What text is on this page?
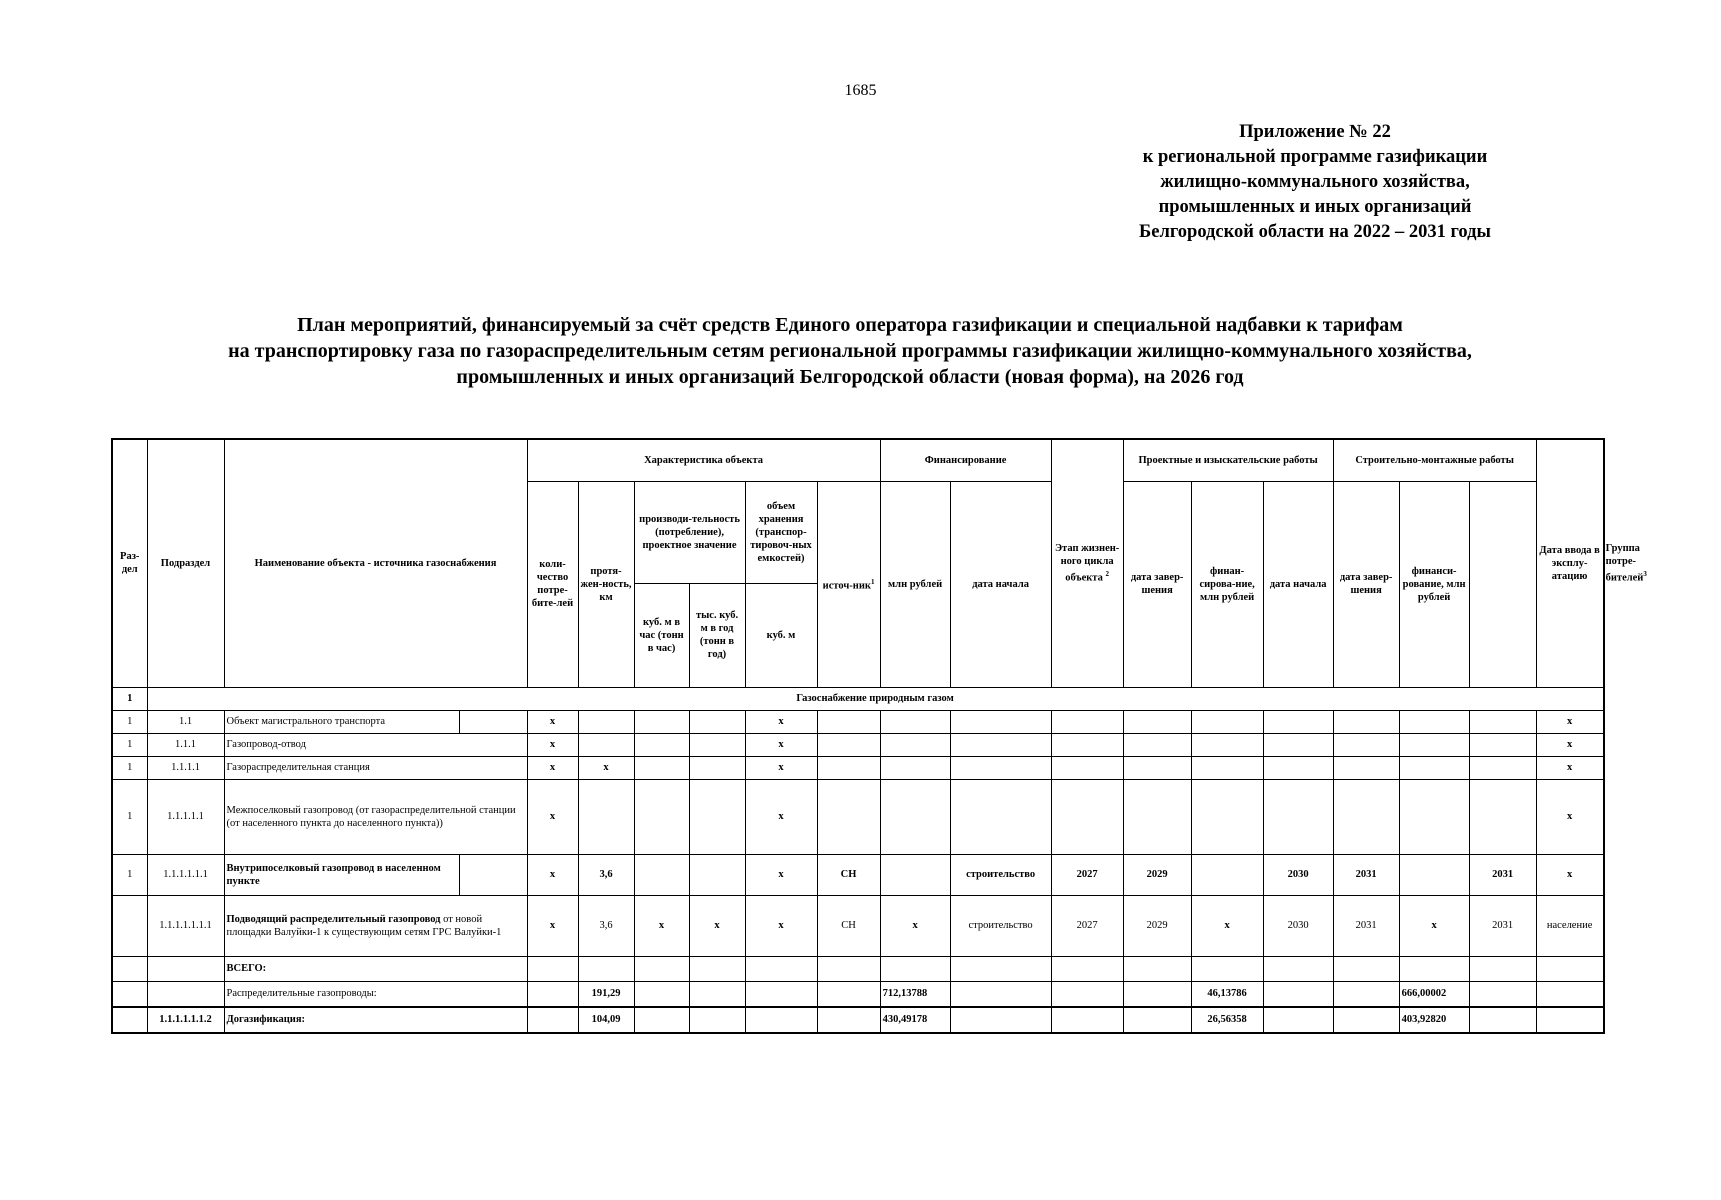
1685
Приложение № 22
к региональной программе газификации
жилищно-коммунального хозяйства,
промышленных и иных организаций
Белгородской области на 2022 – 2031 годы
План мероприятий, финансируемый за счёт средств Единого оператора газификации и специальной надбавки к тарифам
на транспортировку газа по газораспределительным сетям региональной программы газификации жилищно-коммунального хозяйства,
промышленных и иных организаций Белгородской области (новая форма), на 2026 год
Раз-дел	Подраздел	Наименование объекта - источника газоснабжения		Характеристика объекта						Финансирование		Этап жизнен-ного цикла объекта $^2$	Проектные и изыскательские работы			Строительно-монтажные работы			Дата ввода в эксплу-атацию	Группа потре-бителей$^3$
				коли-чество потре-бите-лей	протя-жен-ность, км	производи-тельность (потребление), проектное значение		объем хранения (транспор-тировоч-ных емкостей)	источ-ник$^1$	млн рублей	дата начала		дата завер-шения	финан-сирова-ние, млн рублей	дата начала	дата завер-шения	финанси-рование, млн рублей			
						куб. м в час (тонн в час)	тыс. куб. м в год (тонн в год)	куб. м												
1	Газоснабжение природным газом																			
1	1.1	Объект магистрального транспорта		x				x											x	
1	1.1.1	Газопровод-отвод		x				x											x	
1	1.1.1.1	Газораспределительная станция		x	x			x											x	
1	1.1.1.1.1	Межпоселковый газопровод (от газораспределительной станции (от населенного пункта до населенного пункта))		x				x											x	
1	1.1.1.1.1.1	Внутрипоселковый газопровод в населенном пункте		x	3,6			x	СН		строительство	2027	2029		2030	2031		2031	x	
	1.1.1.1.1.1.1	Подводящий распределительный газопровод от новой площадки Валуйки-1 к существующим сетям ГРС Валуйки-1		x	3,6	x	x	x	СН	x	строительство	2027	2029	x	2030	2031	x	2031	население	
		ВСЕГО:																		
		Распределительные газопроводы:			191,29					712,13788				46,13786			666,00002			
	1.1.1.1.1.1.2	Догазификация:			104,09					430,49178				26,56358			403,92820			
